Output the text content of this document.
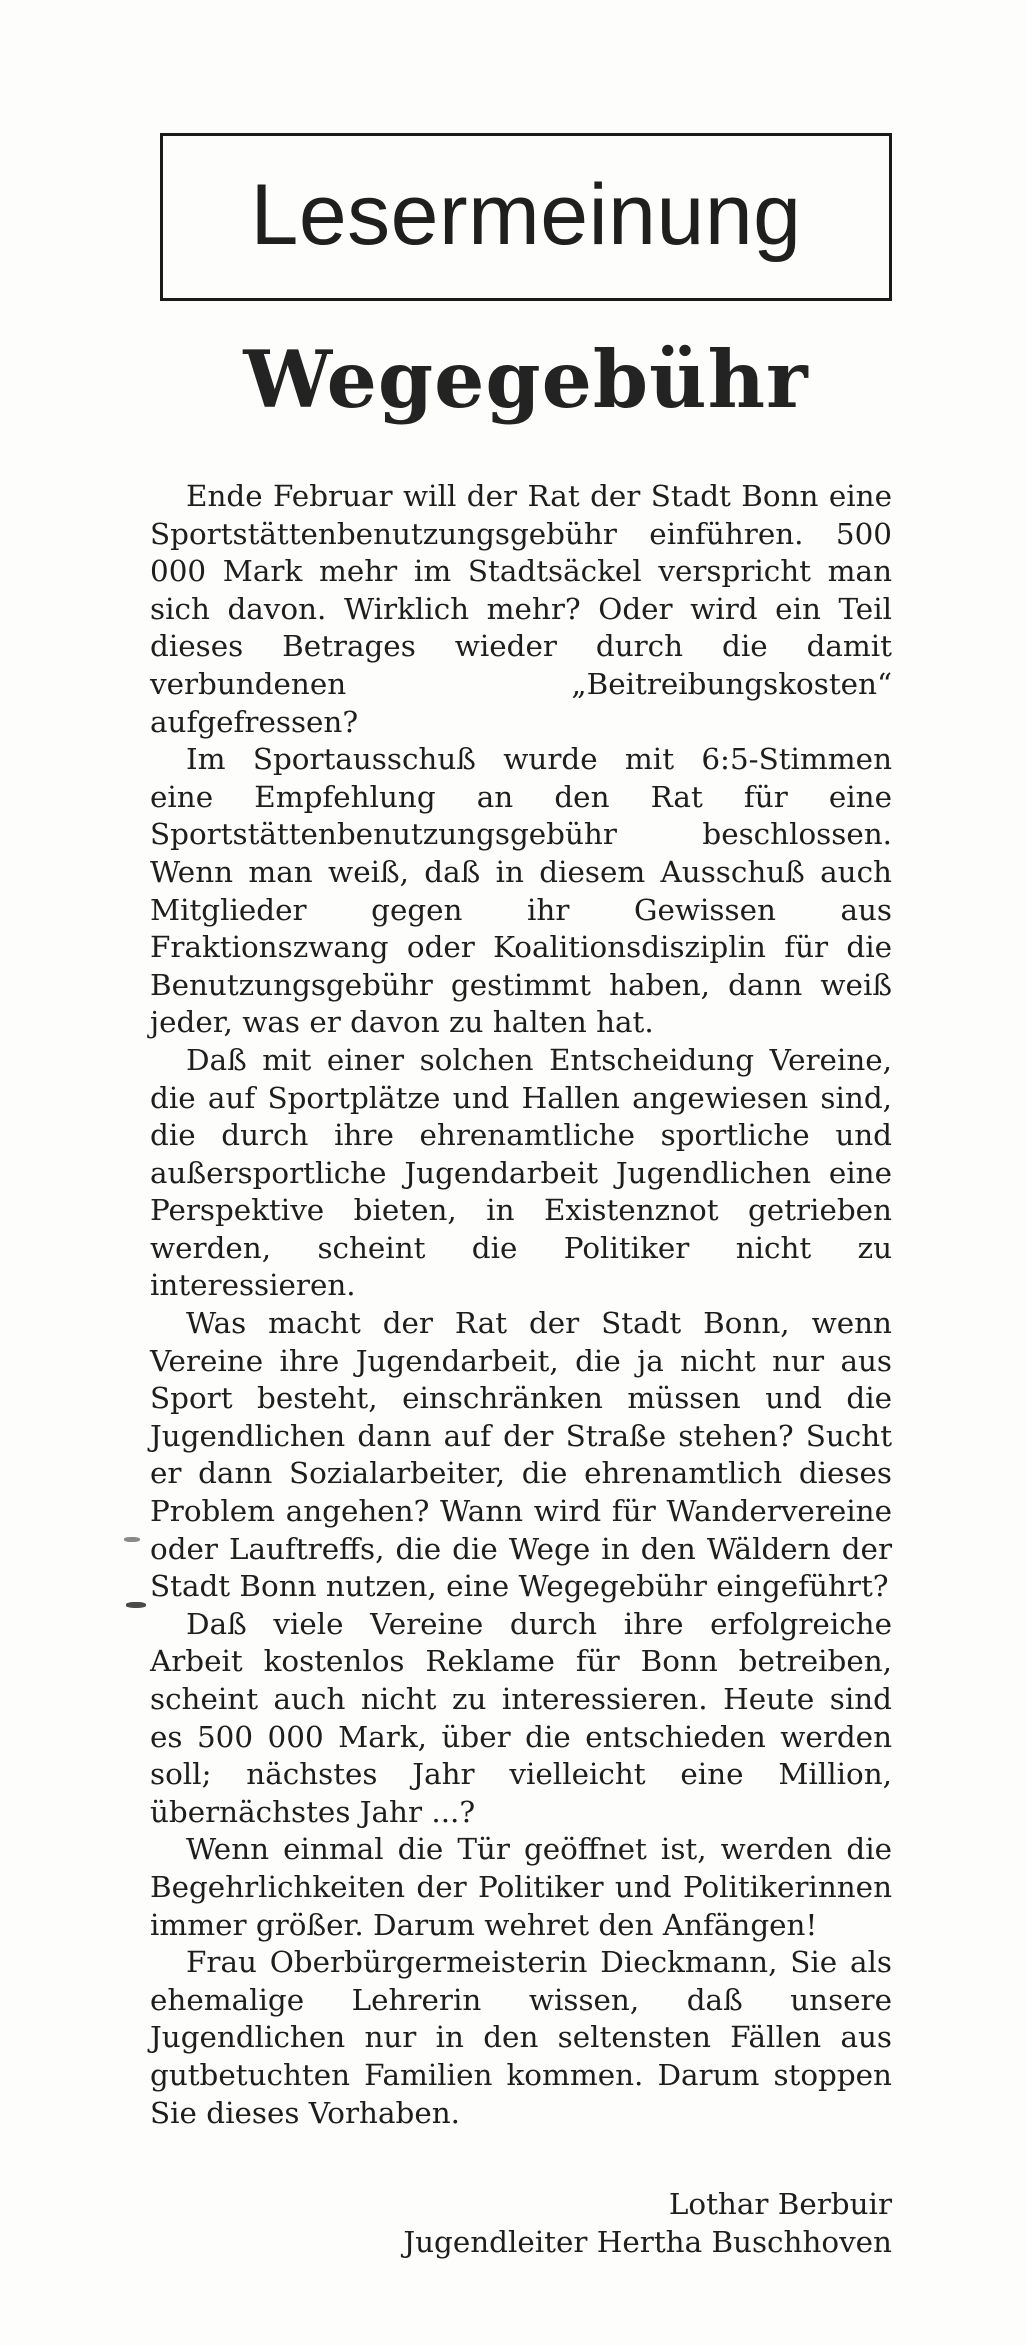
Lesermeinung
Wegegebühr

Ende Februar will der Rat der Stadt Bonn eine Sportstättenbenutzungsgebühr einführen. 500 000 Mark mehr im Stadtsäckel verspricht man sich davon. Wirklich mehr? Oder wird ein Teil dieses Betrages wieder durch die damit verbundenen „Beitreibungskosten“ aufgefressen?

Im Sportausschuß wurde mit 6:5-Stimmen eine Empfehlung an den Rat für eine Sportstättenbenutzungsgebühr beschlossen. Wenn man weiß, daß in diesem Ausschuß auch Mitglieder gegen ihr Gewissen aus Fraktionszwang oder Koalitionsdisziplin für die Benutzungsgebühr gestimmt haben, dann weiß jeder, was er davon zu halten hat.

Daß mit einer solchen Entscheidung Vereine, die auf Sportplätze und Hallen angewiesen sind, die durch ihre ehrenamtliche sportliche und außersportliche Jugendarbeit Jugendlichen eine Perspektive bieten, in Existenznot getrieben werden, scheint die Politiker nicht zu interessieren.

Was macht der Rat der Stadt Bonn, wenn Vereine ihre Jugendarbeit, die ja nicht nur aus Sport besteht, einschränken müssen und die Jugendlichen dann auf der Straße stehen? Sucht er dann Sozialarbeiter, die ehrenamtlich dieses Problem angehen? Wann wird für Wandervereine oder Lauftreffs, die die Wege in den Wäldern der Stadt Bonn nutzen, eine Wegegebühr eingeführt?

Daß viele Vereine durch ihre erfolgreiche Arbeit kostenlos Reklame für Bonn betreiben, scheint auch nicht zu interessieren. Heute sind es 500 000 Mark, über die entschieden werden soll; nächstes Jahr vielleicht eine Million, übernächstes Jahr ...?

Wenn einmal die Tür geöffnet ist, werden die Begehrlichkeiten der Politiker und Politikerinnen immer größer. Darum wehret den Anfängen!

Frau Oberbürgermeisterin Dieckmann, Sie als ehemalige Lehrerin wissen, daß unsere Jugendlichen nur in den seltensten Fällen aus gutbetuchten Familien kommen. Darum stoppen Sie dieses Vorhaben.

Lothar Berbuir
Jugendleiter Hertha Buschhoven
